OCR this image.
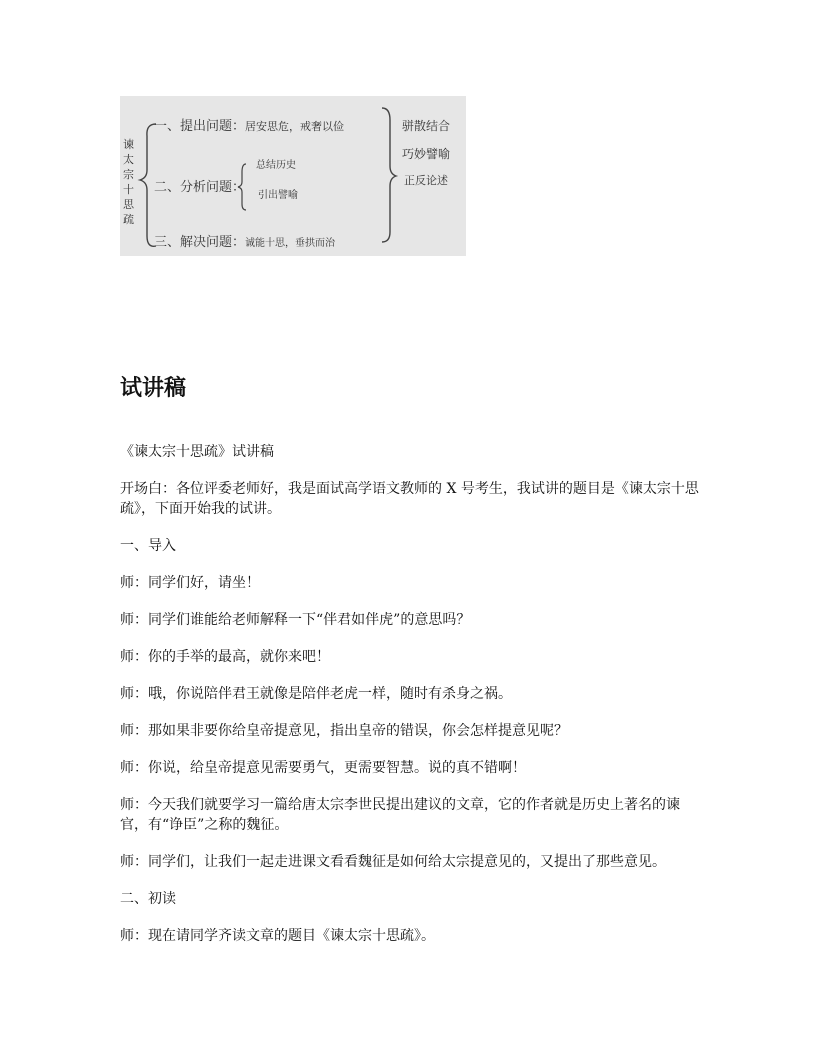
一、提出问题：居安思危，戒奢以俭
二、分析问题：
总结历史
引出譬喻
三、解决问题：诚能十思，垂拱而治
骈散结合
巧妙譬喻
正反论述
谏
太
宗
十
思
疏
试讲稿

《谏太宗十思疏》试讲稿

开场白：各位评委老师好，我是面试高学语文教师的 X 号考生，我试讲的题目是《谏太宗十思疏》，下面开始我的试讲。

一、导入

师：同学们好，请坐！

师：同学们谁能给老师解释一下“伴君如伴虎”的意思吗？

师：你的手举的最高，就你来吧！

师：哦，你说陪伴君王就像是陪伴老虎一样，随时有杀身之祸。

师：那如果非要你给皇帝提意见，指出皇帝的错误，你会怎样提意见呢？

师：你说，给皇帝提意见需要勇气，更需要智慧。说的真不错啊！

师：今天我们就要学习一篇给唐太宗李世民提出建议的文章，它的作者就是历史上著名的谏官，有“诤臣”之称的魏征。

师：同学们，让我们一起走进课文看看魏征是如何给太宗提意见的，又提出了那些意见。

二、初读

师：现在请同学齐读文章的题目《谏太宗十思疏》。
